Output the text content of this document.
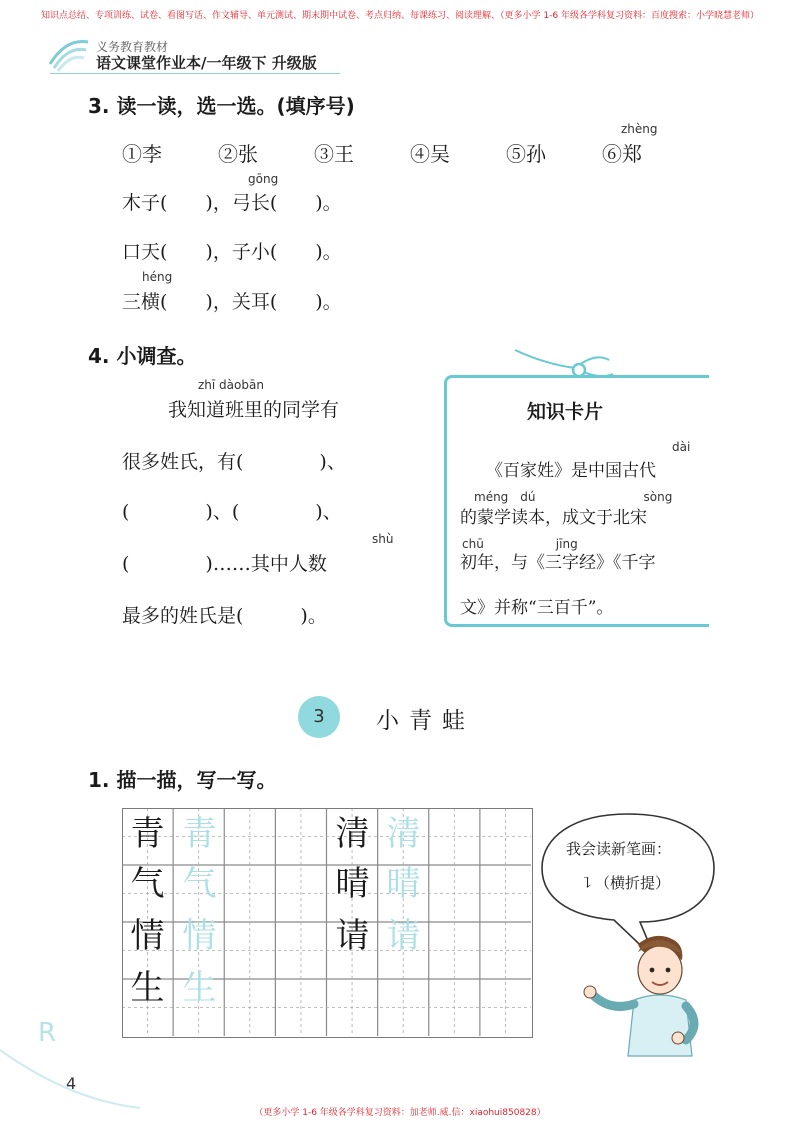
知识点总结、专项训练、试卷、看图写话、作文辅导、单元测试、期末期中试卷、考点归纳、每课练习、阅读理解、（更多小学 1-6 年级各学科复习资料：百度搜索：小学晓慧老师）
义务教育教材
语文课堂作业本/一年级下 升级版
3. 读一读，选一选。(填序号)
zhèng
①李	②张	③王	④吴	⑤孙	⑥郑
gōng
木子(　　)，弓长(　　)。
口天(　　)，子小(　　)。
héng
三横(　　)，关耳(　　)。
4. 小调查。
zhī dàobān
我知道班里的同学有
很多姓氏，有(　　　　)、
(　　　　)、(　　　　)、
shù
(　　　　)……其中人数
最多的姓氏是(　　　)。
知识卡片
dài
《百家姓》是中国古代
méng　dú　　　　　　　　　sòng
的蒙学读本，成文于北宋
chū　　　　　　jīng
初年，与《三字经》《千字
文》并称“三百千”。
3	小青蛙
1. 描一描，写一写。
青 青
气 气
情 情
生 生
清 清
晴 晴
请 请
我会读新笔画：
㇊（横折提）
R
4
（更多小学 1-6 年级各学科复习资料：加老师.威.信：xiaohui850828）
